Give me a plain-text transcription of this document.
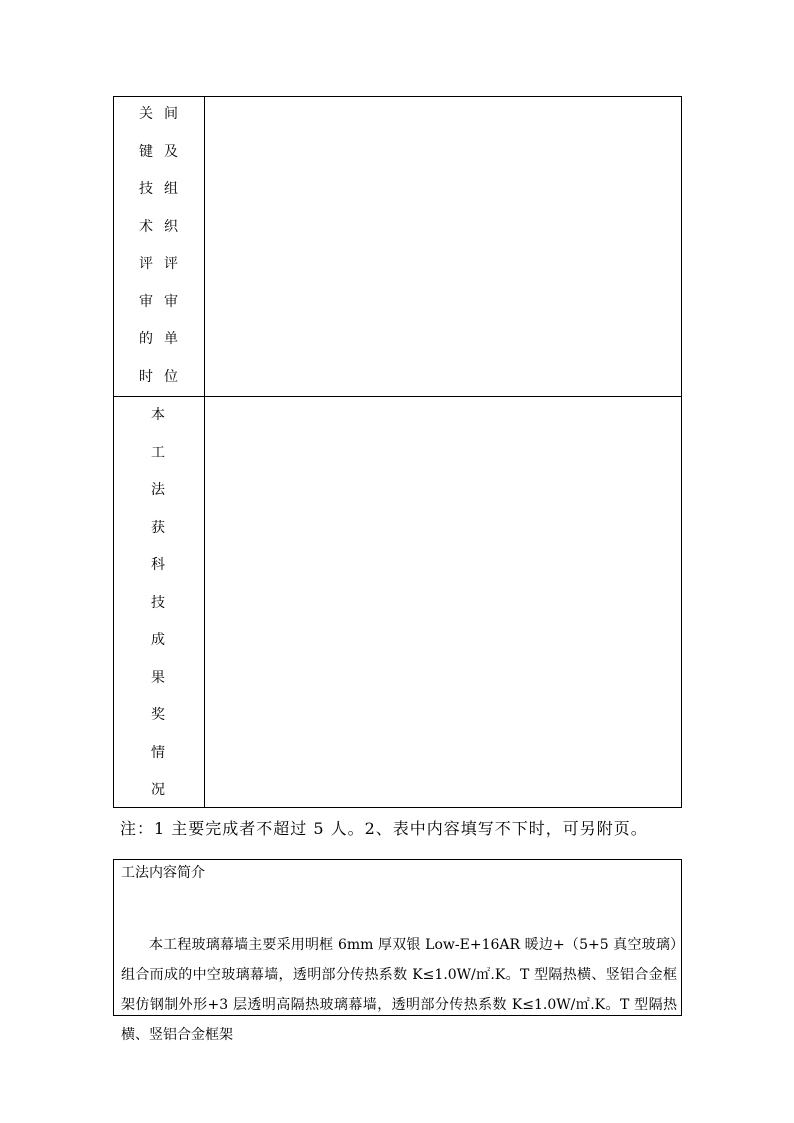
关
键
技
术
评
审
的
时
间
及
组
织
评
审
单
位
本
工
法
获
科
技
成
果
奖
情
况
注：1 主要完成者不超过 5 人。2、表中内容填写不下时，可另附页。
工法内容简介

本工程玻璃幕墙主要采用明框 6mm 厚双银 Low-E+16AR 暖边+（5+5 真空玻璃）组合而成的中空玻璃幕墙，透明部分传热系数 K≤1.0W/㎡.K。T 型隔热横、竖铝合金框架仿钢制外形+3 层透明高隔热玻璃幕墙，透明部分传热系数 K≤1.0W/㎡.K。T 型隔热横、竖铝合金框架
